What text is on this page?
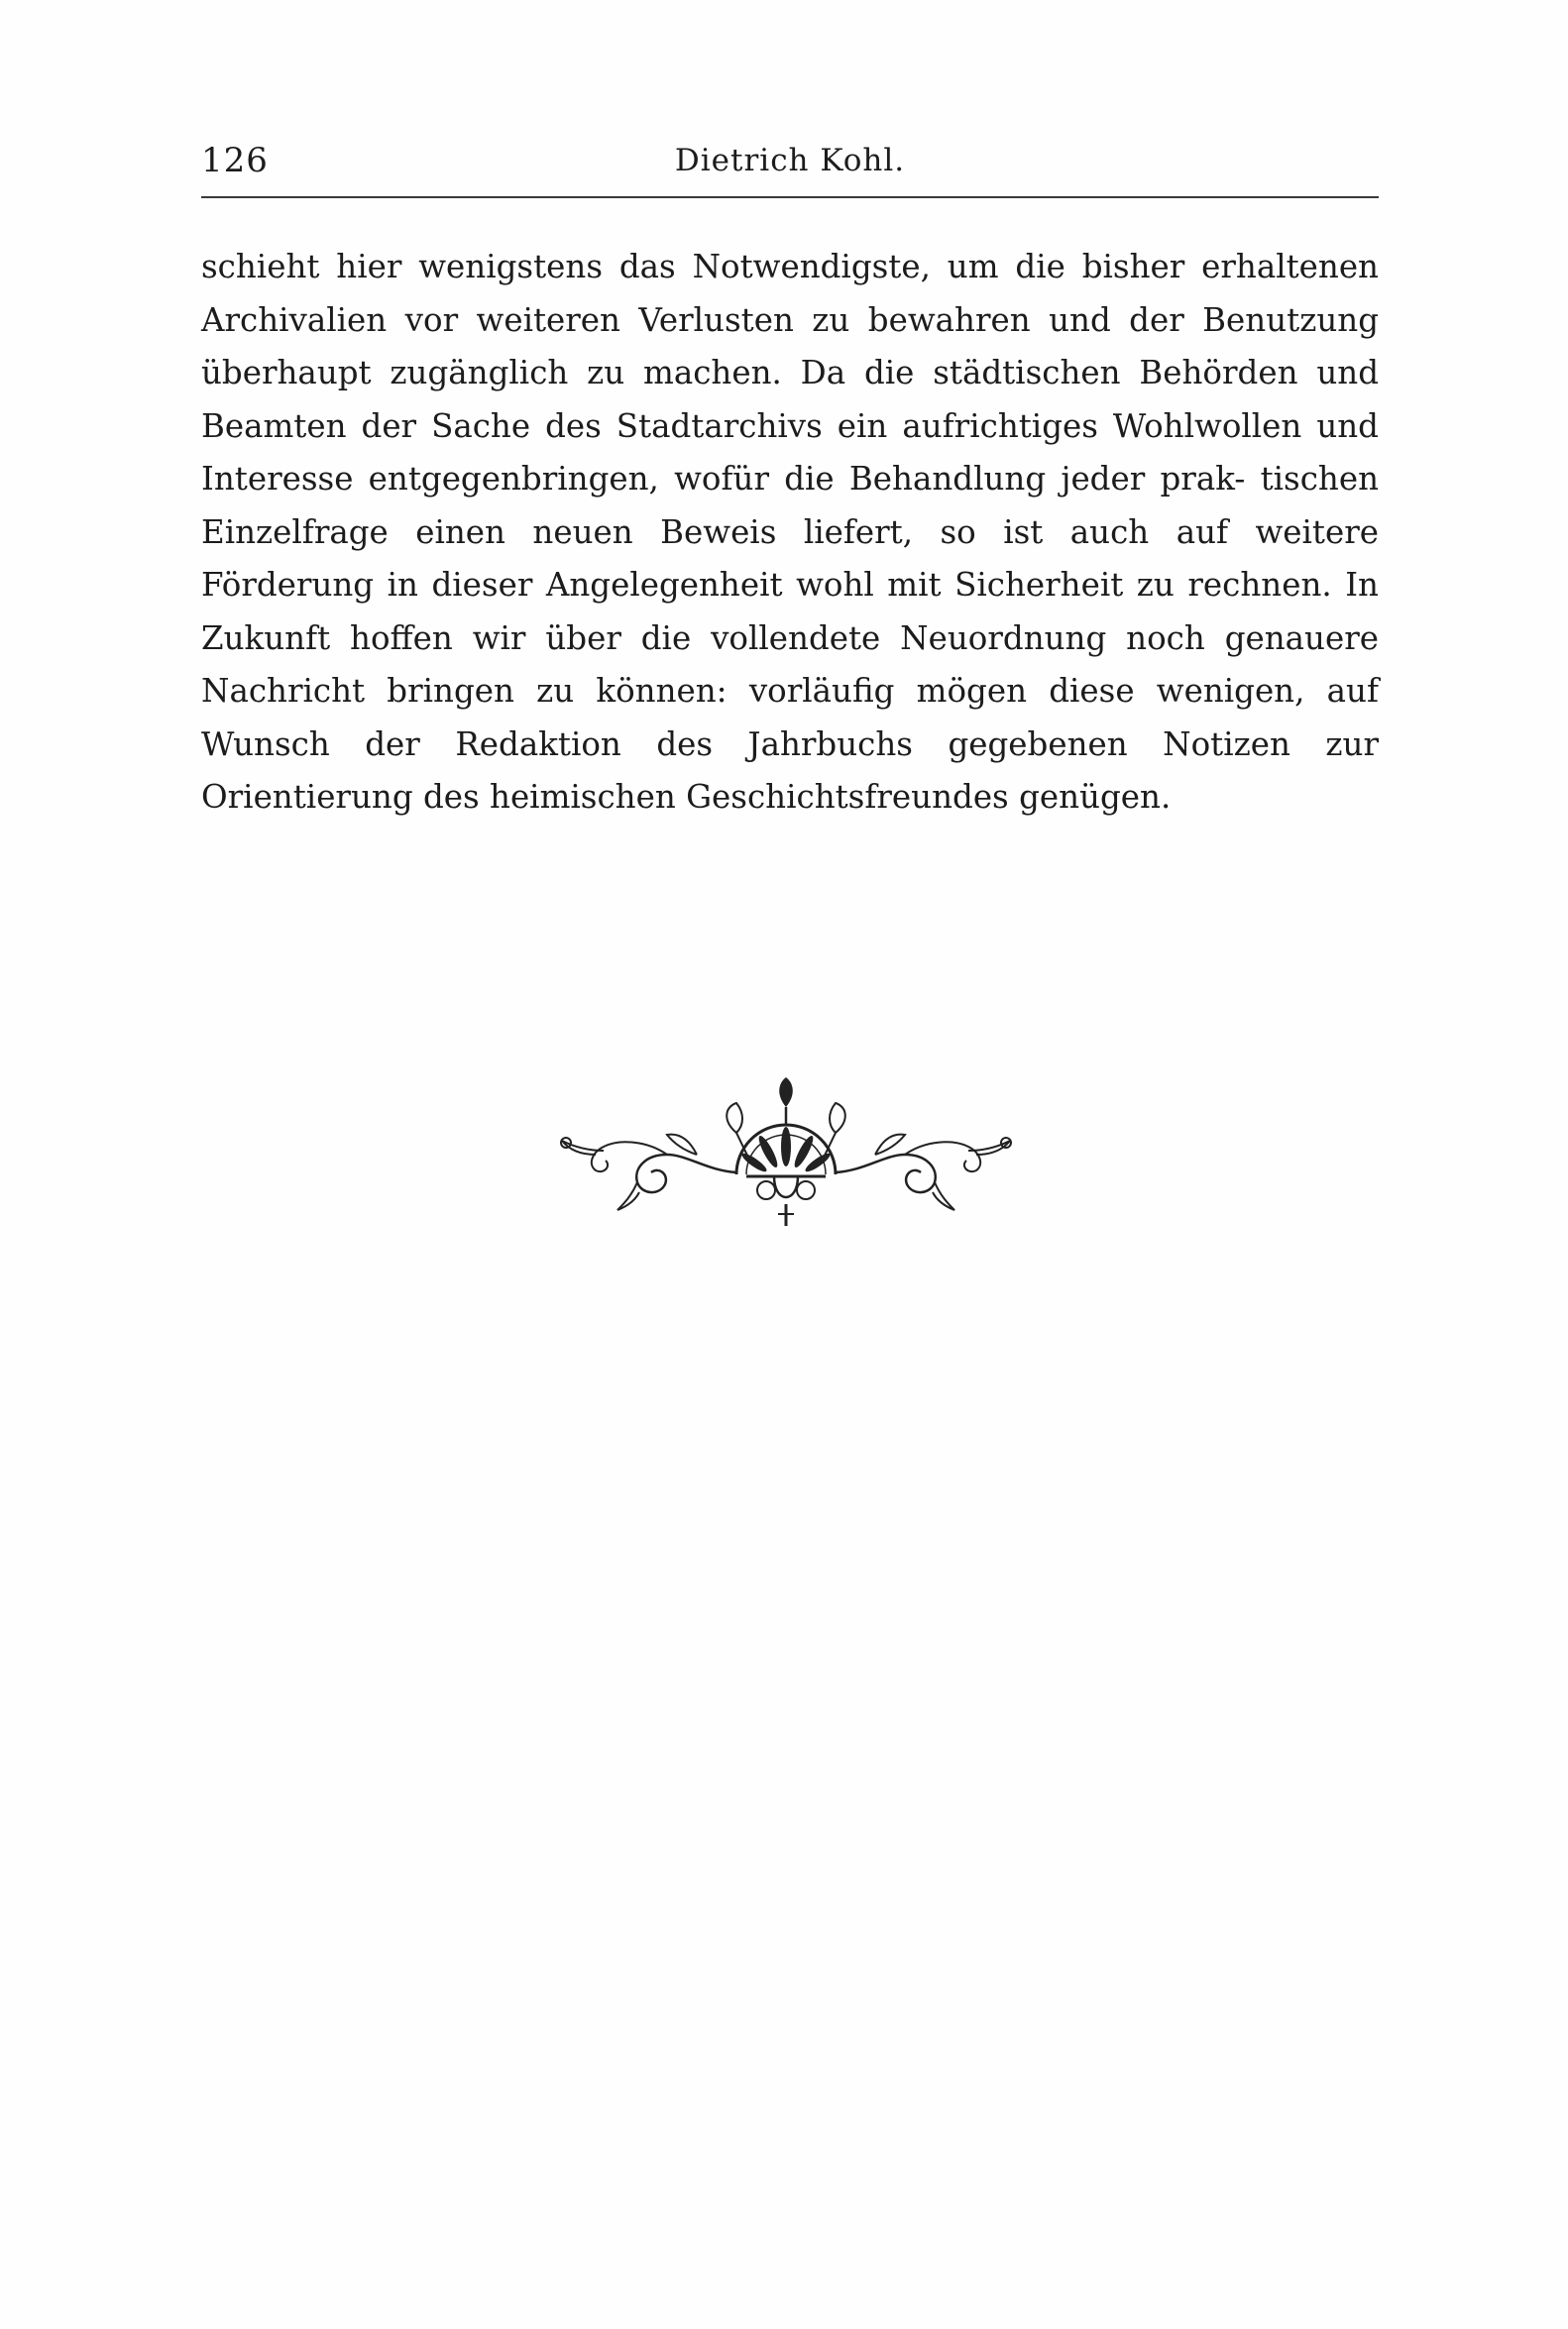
126	Dietrich Kohl.

schieht hier wenigstens das Notwendigste, um die bisher erhaltenen Archivalien vor weiteren Verlusten zu bewahren und der Benutzung überhaupt zugänglich zu machen. Da die städtischen Behörden und Beamten der Sache des Stadtarchivs ein aufrichtiges Wohlwollen und Interesse entgegenbringen, wofür die Behandlung jeder prak- tischen Einzelfrage einen neuen Beweis liefert, so ist auch auf weitere Förderung in dieser Angelegenheit wohl mit Sicherheit zu rechnen. In Zukunft hoffen wir über die vollendete Neuordnung noch genauere Nachricht bringen zu können: vorläufig mögen diese wenigen, auf Wunsch der Redaktion des Jahrbuchs gegebenen Notizen zur Orientierung des heimischen Geschichtsfreundes genügen.
